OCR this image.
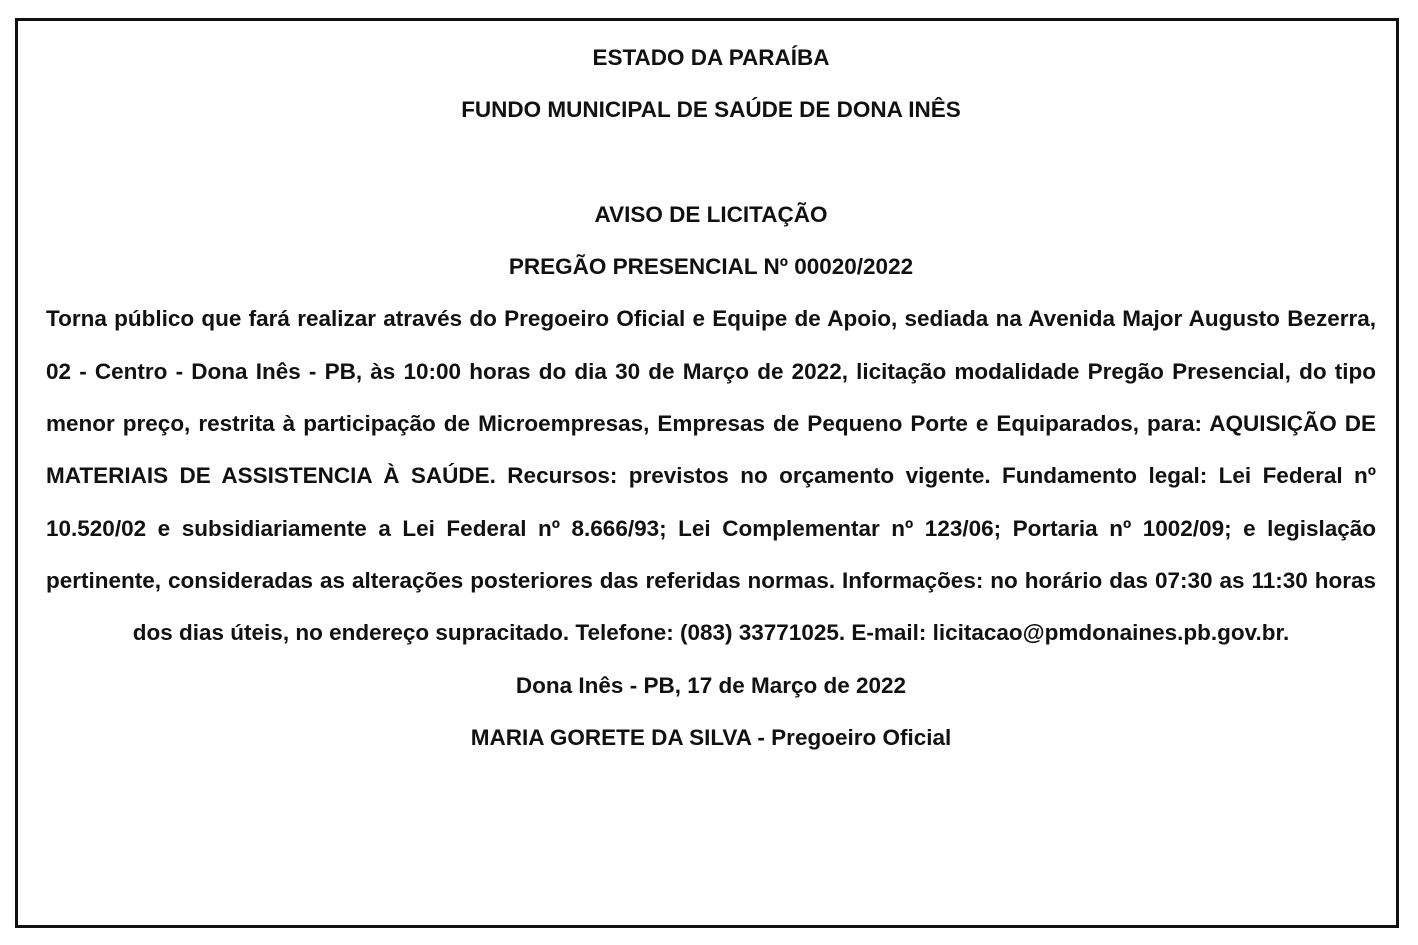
ESTADO DA PARAÍBA
FUNDO MUNICIPAL DE SAÚDE DE DONA INÊS
AVISO DE LICITAÇÃO
PREGÃO PRESENCIAL Nº 00020/2022
Torna público que fará realizar através do Pregoeiro Oficial e Equipe de Apoio, sediada na Avenida Major Augusto Bezerra, 02 - Centro - Dona Inês - PB, às 10:00 horas do dia 30 de Março de 2022, licitação modalidade Pregão Presencial, do tipo menor preço, restrita à participação de Microempresas, Empresas de Pequeno Porte e Equiparados, para: AQUISIÇÃO DE MATERIAIS DE ASSISTENCIA À SAÚDE. Recursos: previstos no orçamento vigente. Fundamento legal: Lei Federal nº 10.520/02 e subsidiariamente a Lei Federal nº 8.666/93; Lei Complementar nº 123/06; Portaria nº 1002/09; e legislação pertinente, consideradas as alterações posteriores das referidas normas. Informações: no horário das 07:30 as 11:30 horas dos dias úteis, no endereço supracitado. Telefone: (083) 33771025. E-mail: licitacao@pmdonaines.pb.gov.br.
Dona Inês - PB, 17 de Março de 2022
MARIA GORETE DA SILVA - Pregoeiro Oficial
